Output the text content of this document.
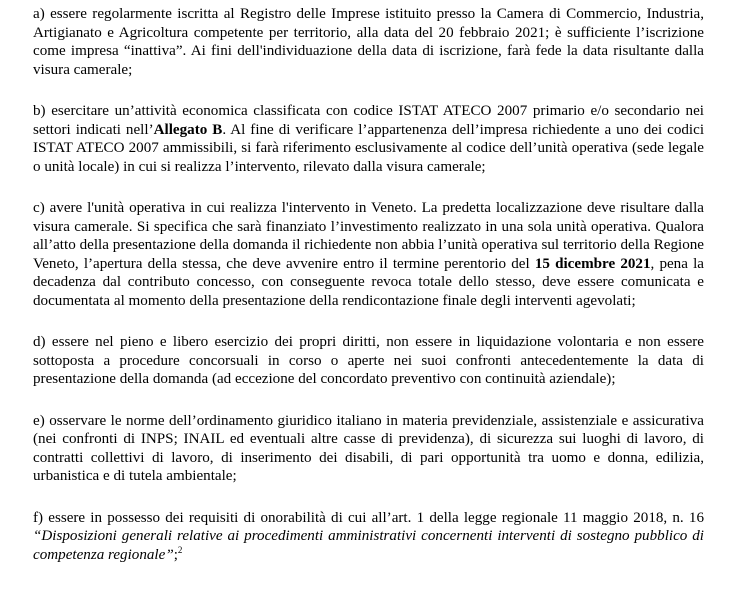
a) essere regolarmente iscritta al Registro delle Imprese istituito presso la Camera di Commercio, Industria, Artigianato e Agricoltura competente per territorio, alla data del 20 febbraio 2021; è sufficiente l’iscrizione come impresa “inattiva”. Ai fini dell'individuazione della data di iscrizione, farà fede la data risultante dalla visura camerale;

b) esercitare un’attività economica classificata con codice ISTAT ATECO 2007 primario e/o secondario nei settori indicati nell’Allegato B. Al fine di verificare l’appartenenza dell’impresa richiedente a uno dei codici ISTAT ATECO 2007 ammissibili, si farà riferimento esclusivamente al codice dell’unità operativa (sede legale o unità locale) in cui si realizza l’intervento, rilevato dalla visura camerale;

c) avere l'unità operativa in cui realizza l'intervento in Veneto. La predetta localizzazione deve risultare dalla visura camerale. Si specifica che sarà finanziato l’investimento realizzato in una sola unità operativa. Qualora all’atto della presentazione della domanda il richiedente non abbia l’unità operativa sul territorio della Regione Veneto, l’apertura della stessa, che deve avvenire entro il termine perentorio del 15 dicembre 2021, pena la decadenza dal contributo concesso, con conseguente revoca totale dello stesso, deve essere comunicata e documentata al momento della presentazione della rendicontazione finale degli interventi agevolati;

d) essere nel pieno e libero esercizio dei propri diritti, non essere in liquidazione volontaria e non essere sottoposta a procedure concorsuali in corso o aperte nei suoi confronti antecedentemente la data di presentazione della domanda (ad eccezione del concordato preventivo con continuità aziendale);

e) osservare le norme dell’ordinamento giuridico italiano in materia previdenziale, assistenziale e assicurativa (nei confronti di INPS; INAIL ed eventuali altre casse di previdenza), di sicurezza sui luoghi di lavoro, di contratti collettivi di lavoro, di inserimento dei disabili, di pari opportunità tra uomo e donna, edilizia, urbanistica e di tutela ambientale;

f) essere in possesso dei requisiti di onorabilità di cui all’art. 1 della legge regionale 11 maggio 2018, n. 16 “Disposizioni generali relative ai procedimenti amministrativi concernenti interventi di sostegno pubblico di competenza regionale”;$^2$
